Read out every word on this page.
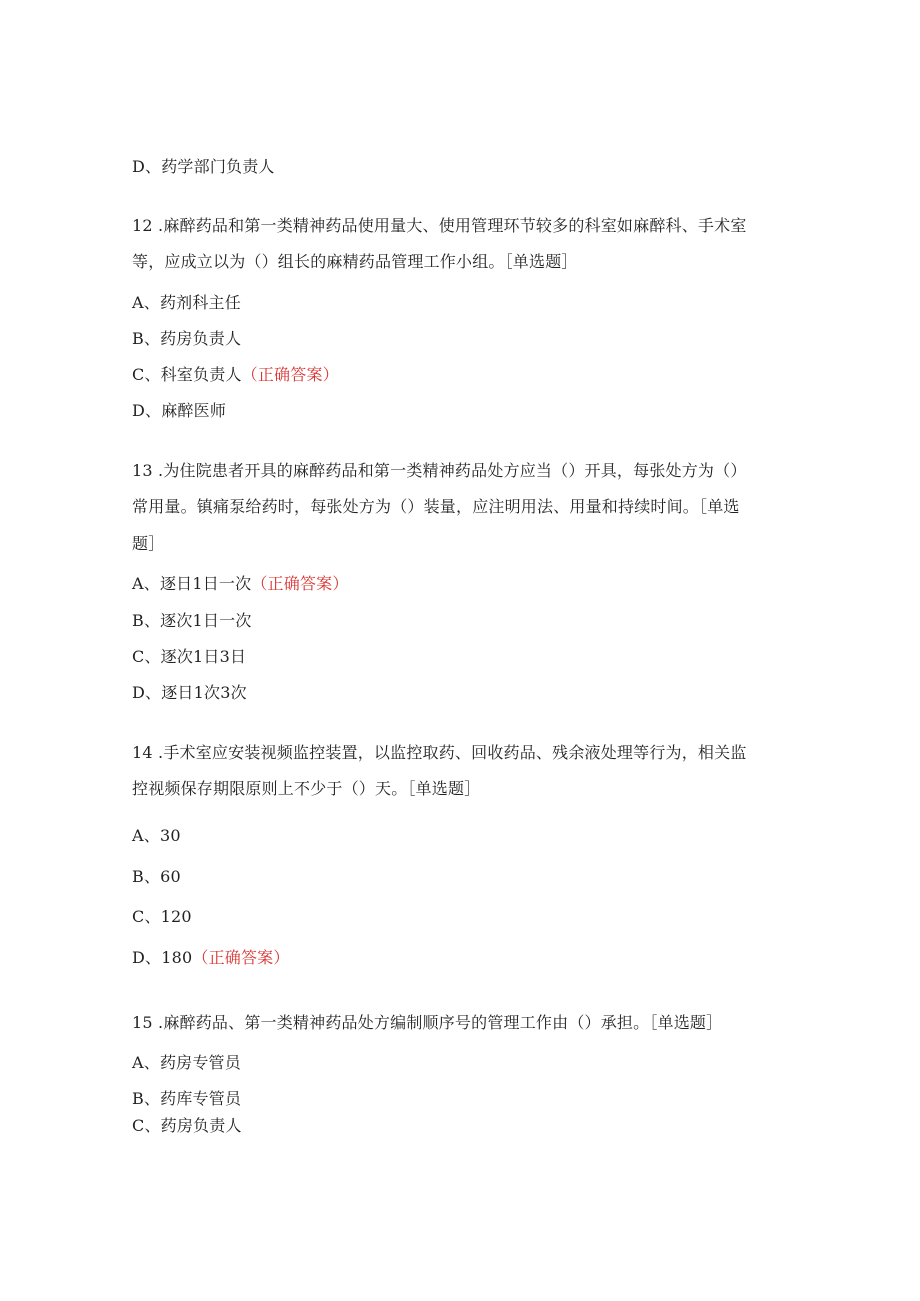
D、药学部门负责人
12 .麻醉药品和第一类精神药品使用量大、使用管理环节较多的科室如麻醉科、手术室
等，应成立以为（）组长的麻精药品管理工作小组。［单选题］
A、药剂科主任
B、药房负责人
C、科室负责人（正确答案）
D、麻醉医师
13 .为住院患者开具的麻醉药品和第一类精神药品处方应当（）开具，每张处方为（）
常用量。镇痛泵给药时，每张处方为（）装量，应注明用法、用量和持续时间。［单选
题］
A、逐日1日一次（正确答案）
B、逐次1日一次
C、逐次1日3日
D、逐日1次3次
14 .手术室应安装视频监控装置，以监控取药、回收药品、残余液处理等行为，相关监
控视频保存期限原则上不少于（）天。［单选题］
A、30
B、60
C、120
D、180（正确答案）
15 .麻醉药品、第一类精神药品处方编制顺序号的管理工作由（）承担。［单选题］
A、药房专管员
B、药库专管员
C、药房负责人
